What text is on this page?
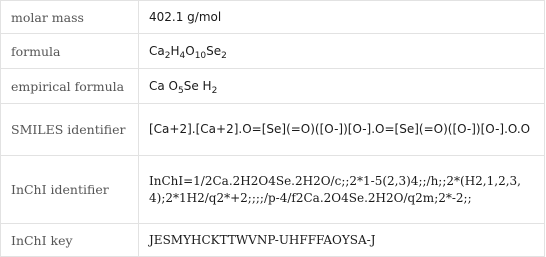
molar mass	402.1 g/mol
formula	$Ca_2H_4O_{10}Se_2$
empirical formula	Ca $O_5Se$ $H_2$
SMILES identifier	[Ca+2].[Ca+2].O=[Se](=O)([O-])[O-].O=[Se](=O)([O-])[O-].O.O
InChI identifier	InChI=1/2Ca.2H2O4Se.2H2O/c;;2*1-5(2,3)4;;/h;;2*(H2,1,2,3,4);2*1H2/q2*+2;;;;/p-4/f2Ca.2O4Se.2H2O/q2m;2*-2;;
InChI key	JESMYHCKTTWVNP-UHFFFAOYSA-J
